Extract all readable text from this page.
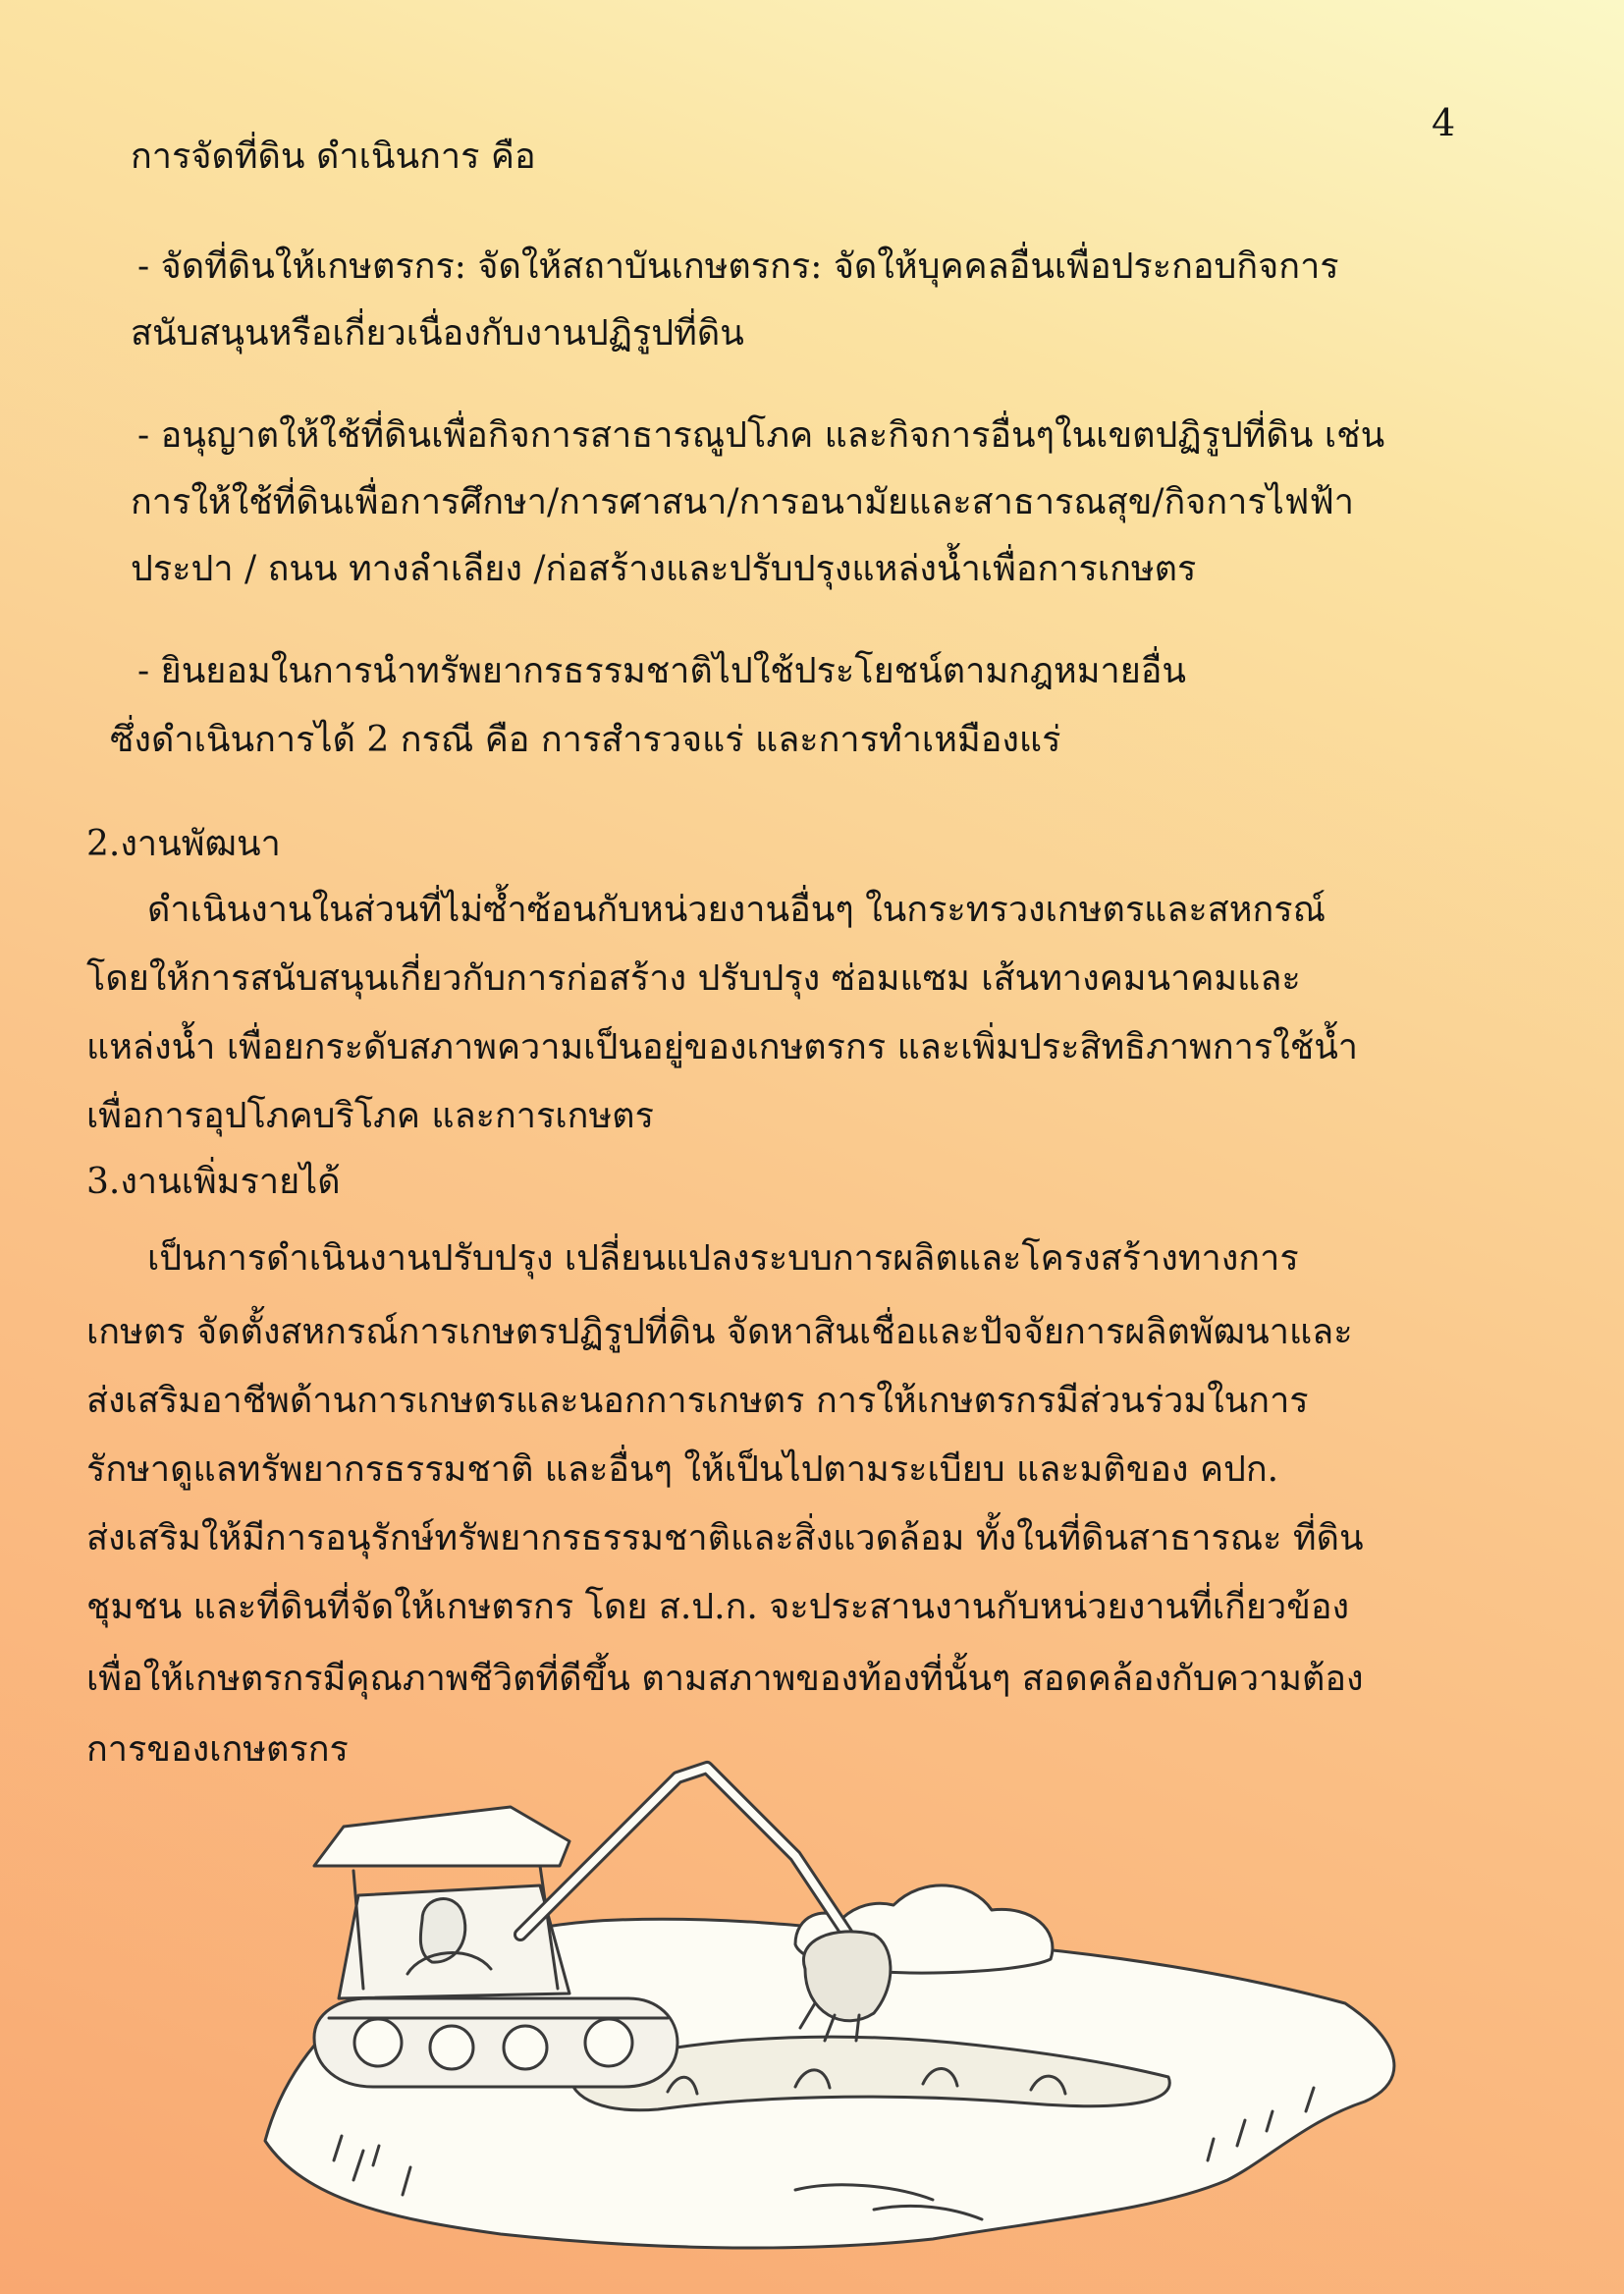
4
การจัดที่ดิน ดำเนินการ คือ
- จัดที่ดินให้เกษตรกร: จัดให้สถาบันเกษตรกร: จัดให้บุคคลอื่นเพื่อประกอบกิจการ
สนับสนุนหรือเกี่ยวเนื่องกับงานปฏิรูปที่ดิน
- อนุญาตให้ใช้ที่ดินเพื่อกิจการสาธารณูปโภค และกิจการอื่นๆในเขตปฏิรูปที่ดิน เช่น
การให้ใช้ที่ดินเพื่อการศึกษา/การศาสนา/การอนามัยและสาธารณสุข/กิจการไฟฟ้า
ประปา / ถนน ทางลำเลียง /ก่อสร้างและปรับปรุงแหล่งน้ำเพื่อการเกษตร
- ยินยอมในการนำทรัพยากรธรรมชาติไปใช้ประโยชน์ตามกฎหมายอื่น
ซึ่งดำเนินการได้ 2 กรณี คือ การสำรวจแร่ และการทำเหมืองแร่
2.งานพัฒนา
ดำเนินงานในส่วนที่ไม่ซ้ำซ้อนกับหน่วยงานอื่นๆ ในกระทรวงเกษตรและสหกรณ์
โดยให้การสนับสนุนเกี่ยวกับการก่อสร้าง ปรับปรุง ซ่อมแซม เส้นทางคมนาคมและ
แหล่งน้ำ เพื่อยกระดับสภาพความเป็นอยู่ของเกษตรกร และเพิ่มประสิทธิภาพการใช้น้ำ
เพื่อการอุปโภคบริโภค และการเกษตร
3.งานเพิ่มรายได้
เป็นการดำเนินงานปรับปรุง เปลี่ยนแปลงระบบการผลิตและโครงสร้างทางการ
เกษตร จัดตั้งสหกรณ์การเกษตรปฏิรูปที่ดิน จัดหาสินเชื่อและปัจจัยการผลิตพัฒนาและ
ส่งเสริมอาชีพด้านการเกษตรและนอกการเกษตร การให้เกษตรกรมีส่วนร่วมในการ
รักษาดูแลทรัพยากรธรรมชาติ และอื่นๆ ให้เป็นไปตามระเบียบ และมติของ คปก.
ส่งเสริมให้มีการอนุรักษ์ทรัพยากรธรรมชาติและสิ่งแวดล้อม ทั้งในที่ดินสาธารณะ ที่ดิน
ชุมชน และที่ดินที่จัดให้เกษตรกร โดย ส.ป.ก. จะประสานงานกับหน่วยงานที่เกี่ยวข้อง
เพื่อให้เกษตรกรมีคุณภาพชีวิตที่ดีขึ้น ตามสภาพของท้องที่นั้นๆ สอดคล้องกับความต้อง
การของเกษตรกร
